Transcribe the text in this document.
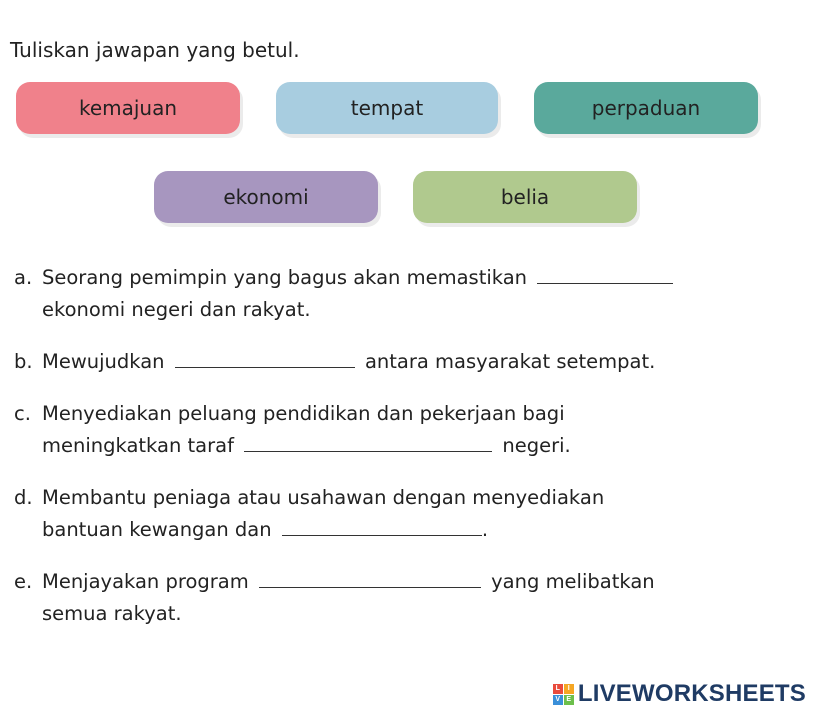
Tuliskan jawapan yang betul.
kemajuan	tempat	perpaduan
ekonomi	belia
a. Seorang pemimpin yang bagus akan memastikan
ekonomi negeri dan rakyat.
b. Mewujudkan	antara masyarakat setempat.
c. Menyediakan peluang pendidikan dan pekerjaan bagi
meningkatkan taraf	negeri.
d. Membantu peniaga atau usahawan dengan menyediakan
bantuan kewangan dan	.
e. Menjayakan program	yang melibatkan
semua rakyat.
L	I
V E LIVEWORKSHEETS
